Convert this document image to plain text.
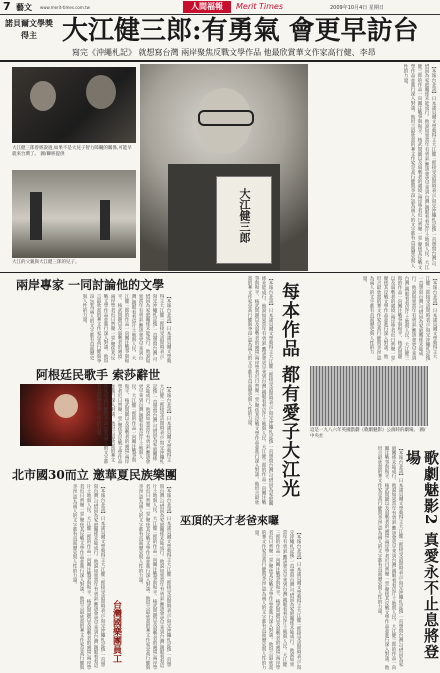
7 藝文 www.merit-times.com.tw	人間福報	Merit Times	2009年10月4日 星期日
諾貝爾文學獎得主 大江健三郎:有勇氣 會更早訪台
寫完《沖繩札記》 就想寫台灣 兩岸聚焦反戰文學作品 他最欣賞華文作家高行健、李昂
大江健三郎曾經說過,如果不是大兒子智力障礙的關係,可能早就來台灣了。 圖/聯經提供
大江的父親與大江健三郎的兒子。
大江健三郎	【本報台北訊】日本諾貝爾文學獎得主大江健三郎接受訪問時表示,寫完沖繩札記後,一直想寫台灣,可惜因為家庭關係未能成行。他說如果當年有勇氣,應該會更早來到台灣,親眼看看這片土地與人民。大江健三郎的作品一向關注戰爭與和平、核武問題以及弱勢者的處境,兩岸學者近日齊聚一堂,聚焦其反戰文學作品並進行深入對談。他坦言最欣賞的華文作家是高行健與李昂,認為兩人的文字都有直面歷史與人性的力量。
兩岸專家 一同討論他的文學
【本報台北訊】日本諾貝爾文學獎得主大江健三郎接受訪問時表示,寫完沖繩札記後,一直想寫台灣,可惜因為家庭關係未能成行。他說如果當年有勇氣,應該會更早來到台灣,親眼看看這片土地與人民。大江健三郎的作品一向關注戰爭與和平、核武問題以及弱勢者的處境,兩岸學者近日齊聚一堂,聚焦其反戰文學作品並進行深入對談。他坦言最欣賞的華文作家是高行健與李昂,認為兩人的文字都有直面歷史與人性的力量。
阿根廷民歌手 索莎辭世
【本報台北訊】日本諾貝爾文學獎得主大江健三郎接受訪問時表示,寫完沖繩札記後,一直想寫台灣,可惜因為家庭關係未能成行。他說如果當年有勇氣,應該會更早來到台灣,親眼看看這片土地與人民。大江健三郎的作品一向關注戰爭與和平、核武問題以及弱勢者的處境,兩岸學者近日齊聚一堂,聚焦其反戰文學作品並進行深入對談。他坦言最欣賞的華文作家是高行健與李昂,認為兩人的文字都有直面歷史與人性的力量。
北市國30而立 邀華夏民族樂團
【本報台北訊】日本諾貝爾文學獎得主大江健三郎接受訪問時表示,寫完沖繩札記後,一直想寫台灣,可惜因為家庭關係未能成行。他說如果當年有勇氣,應該會更早來到台灣,親眼看看這片土地與人民。大江健三郎的作品一向關注戰爭與和平、核武問題以及弱勢者的處境,兩岸學者近日齊聚一堂,聚焦其反戰文學作品並進行深入對談。他坦言最欣賞的華文作家是高行健與李昂,認為兩人的文字都有直面歷史與人性的力量。
台灣國樂團員工	【本報台北訊】日本諾貝爾文學獎得主大江健三郎接受訪問時表示,寫完沖繩札記後,一直想寫台灣,可惜因為家庭關係未能成行。他說如果當年有勇氣,應該會更早來到台灣,親眼看看這片土地與人民。大江健三郎的作品一向關注戰爭與和平、核武問題以及弱勢者的處境,兩岸學者近日齊聚一堂,聚焦其反戰文學作品並進行深入對談。他坦言最欣賞的華文作家是高行健與李昂,認為兩人的文字都有直面歷史與人性的力量。
【本報台北訊】日本諾貝爾文學獎得主大江健三郎接受訪問時表示,寫完沖繩札記後,一直想寫台灣,可惜因為家庭關係未能成行。他說如果當年有勇氣,應該會更早來到台灣,親眼看看這片土地與人民。大江健三郎的作品一向關注戰爭與和平、核武問題以及弱勢者的處境,兩岸學者近日齊聚一堂,聚焦其反戰文學作品並進行深入對談。他坦言最欣賞的華文作家是高行健與李昂,認為兩人的文字都有直面歷史與人性的力量。	每本作品 都有愛子大江光
巫頂的天才老爸來囉
【本報台北訊】日本諾貝爾文學獎得主大江健三郎接受訪問時表示,寫完沖繩札記後,一直想寫台灣,可惜因為家庭關係未能成行。他說如果當年有勇氣,應該會更早來到台灣,親眼看看這片土地與人民。大江健三郎的作品一向關注戰爭與和平、核武問題以及弱勢者的處境,兩岸學者近日齊聚一堂,聚焦其反戰文學作品並進行深入對談。他坦言最欣賞的華文作家是高行健與李昂,認為兩人的文字都有直面歷史與人性的力量。
這是一九八六年英國戲劇《歌劇魅影》公演時的劇場。 圖/中央社
【本報台北訊】日本諾貝爾文學獎得主大江健三郎接受訪問時表示,寫完沖繩札記後,一直想寫台灣,可惜因為家庭關係未能成行。他說如果當年有勇氣,應該會更早來到台灣,親眼看看這片土地與人民。大江健三郎的作品一向關注戰爭與和平、核武問題以及弱勢者的處境,兩岸學者近日齊聚一堂,聚焦其反戰文學作品並進行深入對談。他坦言最欣賞的華文作家是高行健與李昂,認為兩人的文字都有直面歷史與人性的力量。	歌劇魅影2 真愛永不止息將登場
【本報台北訊】日本諾貝爾文學獎得主大江健三郎接受訪問時表示,寫完沖繩札記後,一直想寫台灣,可惜因為家庭關係未能成行。他說如果當年有勇氣,應該會更早來到台灣,親眼看看這片土地與人民。大江健三郎的作品一向關注戰爭與和平、核武問題以及弱勢者的處境,兩岸學者近日齊聚一堂,聚焦其反戰文學作品並進行深入對談。他坦言最欣賞的華文作家是高行健與李昂,認為兩人的文字都有直面歷史與人性的力量。
